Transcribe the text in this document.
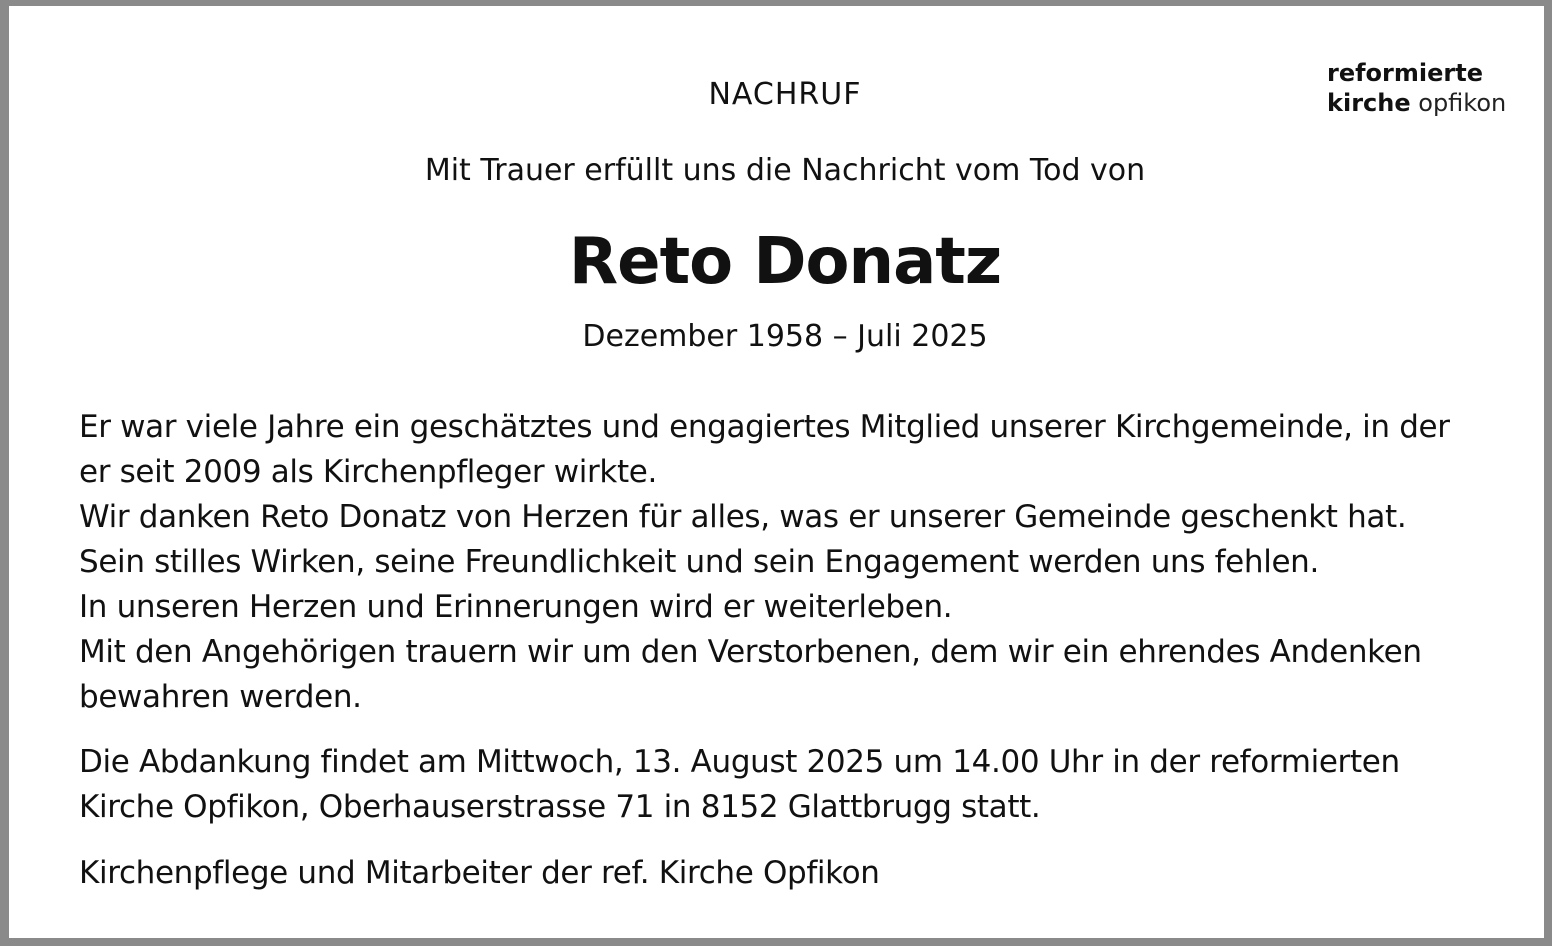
reformierte
kirche opfikon
NACHRUF
Mit Trauer erfüllt uns die Nachricht vom Tod von
Reto Donatz
Dezember 1958 – Juli 2025
Er war viele Jahre ein geschätztes und engagiertes Mitglied unserer Kirchgemeinde, in der
er seit 2009 als Kirchenpfleger wirkte.
Wir danken Reto Donatz von Herzen für alles, was er unserer Gemeinde geschenkt hat.
Sein stilles Wirken, seine Freundlichkeit und sein Engagement werden uns fehlen.
In unseren Herzen und Erinnerungen wird er weiterleben.
Mit den Angehörigen trauern wir um den Verstorbenen, dem wir ein ehrendes Andenken
bewahren werden.
Die Abdankung findet am Mittwoch, 13. August 2025 um 14.00 Uhr in der reformierten
Kirche Opfikon, Oberhauserstrasse 71 in 8152 Glattbrugg statt.
Kirchenpflege und Mitarbeiter der ref. Kirche Opfikon
